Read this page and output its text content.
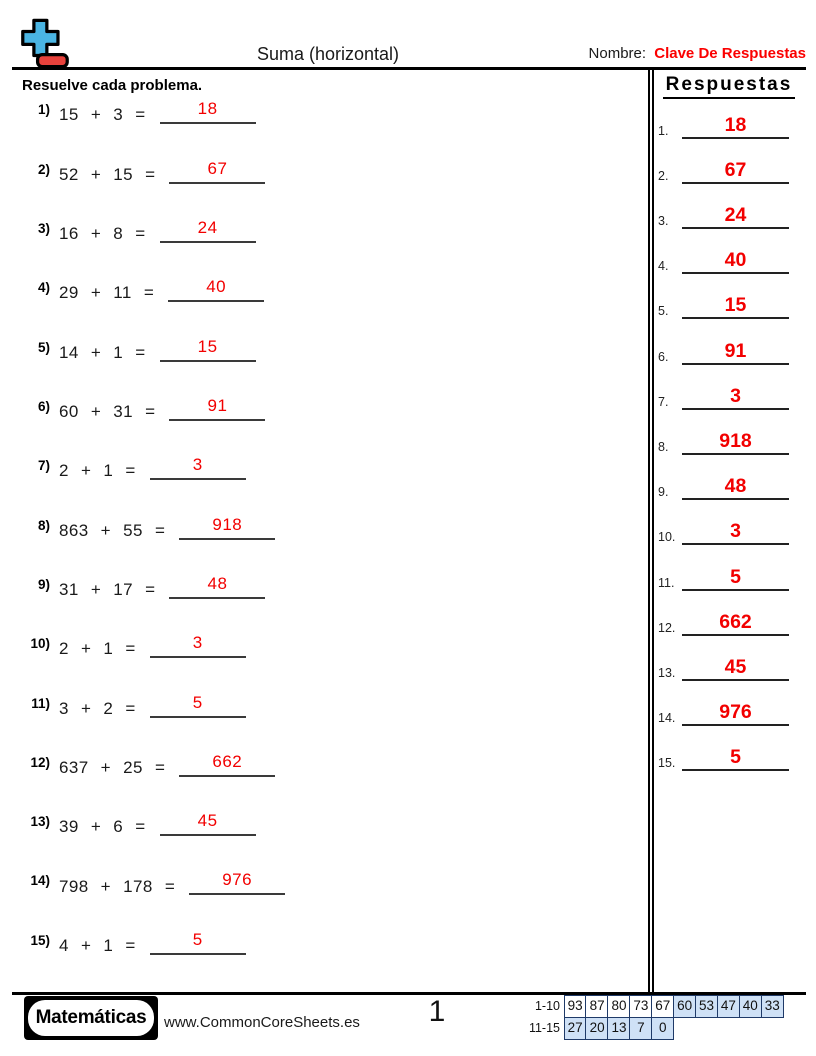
Suma (horizontal)	Nombre: Clave De Respuestas
Resuelve cada problema.
1) 15 + 3 =	18
2) 52 + 15 =	67
3) 16 + 8 =	24
4) 29 + 11 =	40
5) 14 + 1 =	15
6) 60 + 31 =	91
7) 2 + 1 =	3
8) 863 + 55 =	918
9) 31 + 17 =	48
10) 2 + 1 =	3
11) 3 + 2 =	5
12) 637 + 25 =	662
13) 39 + 6 =	45
14) 798 + 178 =	976
15) 4 + 1 =	5
Respuestas
1.	18
2.	67
3.	24
4.	40
5.	15
6.	91
7.	3
8.	918
9.	48
10.	3
11.	5
12.	662
13.	45
14.	976
15.	5
Matemáticas	www.CommonCoreSheets.es	1	1-10 93 87 80 73 67 60 53 47 40 33
11-15 27 20 13 7	0
